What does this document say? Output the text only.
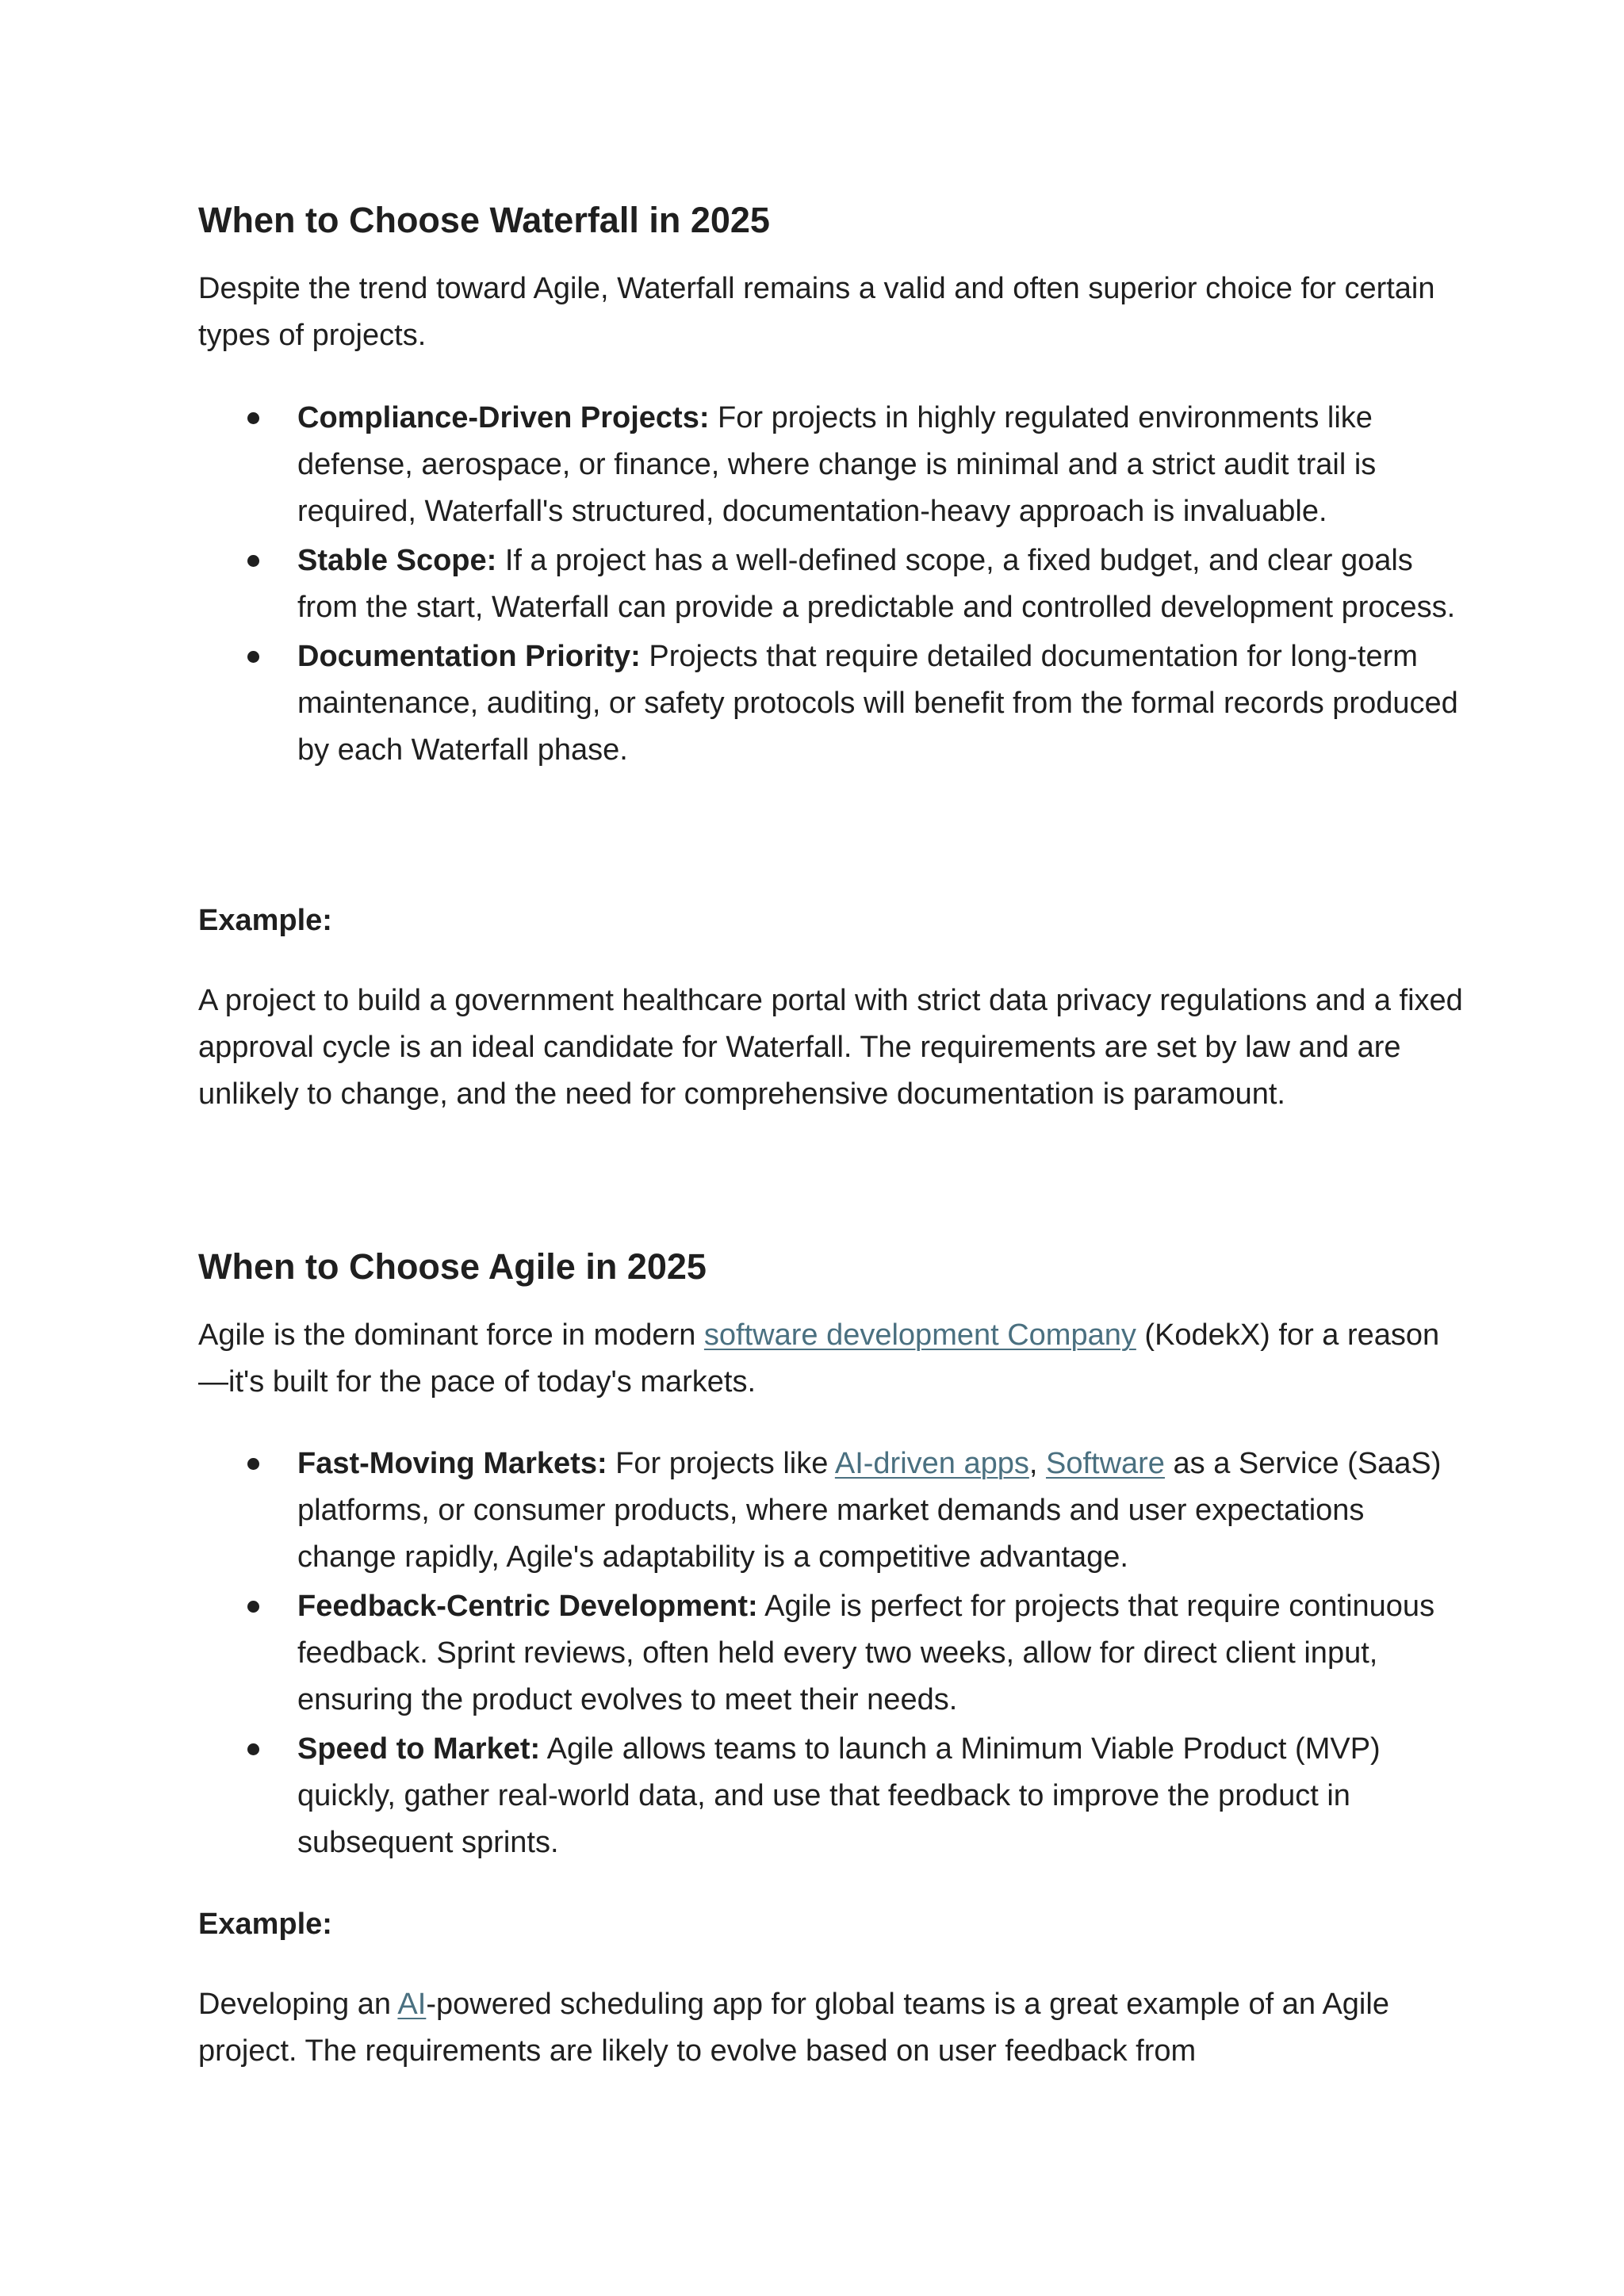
When to Choose Waterfall in 2025

Despite the trend toward Agile, Waterfall remains a valid and often superior choice for certain types of projects.

Compliance-Driven Projects: For projects in highly regulated environments like defense, aerospace, or finance, where change is minimal and a strict audit trail is required, Waterfall's structured, documentation-heavy approach is invaluable.
Stable Scope: If a project has a well-defined scope, a fixed budget, and clear goals from the start, Waterfall can provide a predictable and controlled development process.
Documentation Priority: Projects that require detailed documentation for long-term maintenance, auditing, or safety protocols will benefit from the formal records produced by each Waterfall phase.

Example:

A project to build a government healthcare portal with strict data privacy regulations and a fixed approval cycle is an ideal candidate for Waterfall. The requirements are set by law and are unlikely to change, and the need for comprehensive documentation is paramount.

When to Choose Agile in 2025

Agile is the dominant force in modern software development Company (KodekX) for a reason—it's built for the pace of today's markets.

Fast-Moving Markets: For projects like AI-driven apps, Software as a Service (SaaS) platforms, or consumer products, where market demands and user expectations change rapidly, Agile's adaptability is a competitive advantage.
Feedback-Centric Development: Agile is perfect for projects that require continuous feedback. Sprint reviews, often held every two weeks, allow for direct client input, ensuring the product evolves to meet their needs.
Speed to Market: Agile allows teams to launch a Minimum Viable Product (MVP) quickly, gather real-world data, and use that feedback to improve the product in subsequent sprints.

Example:

Developing an AI-powered scheduling app for global teams is a great example of an Agile project. The requirements are likely to evolve based on user feedback from
